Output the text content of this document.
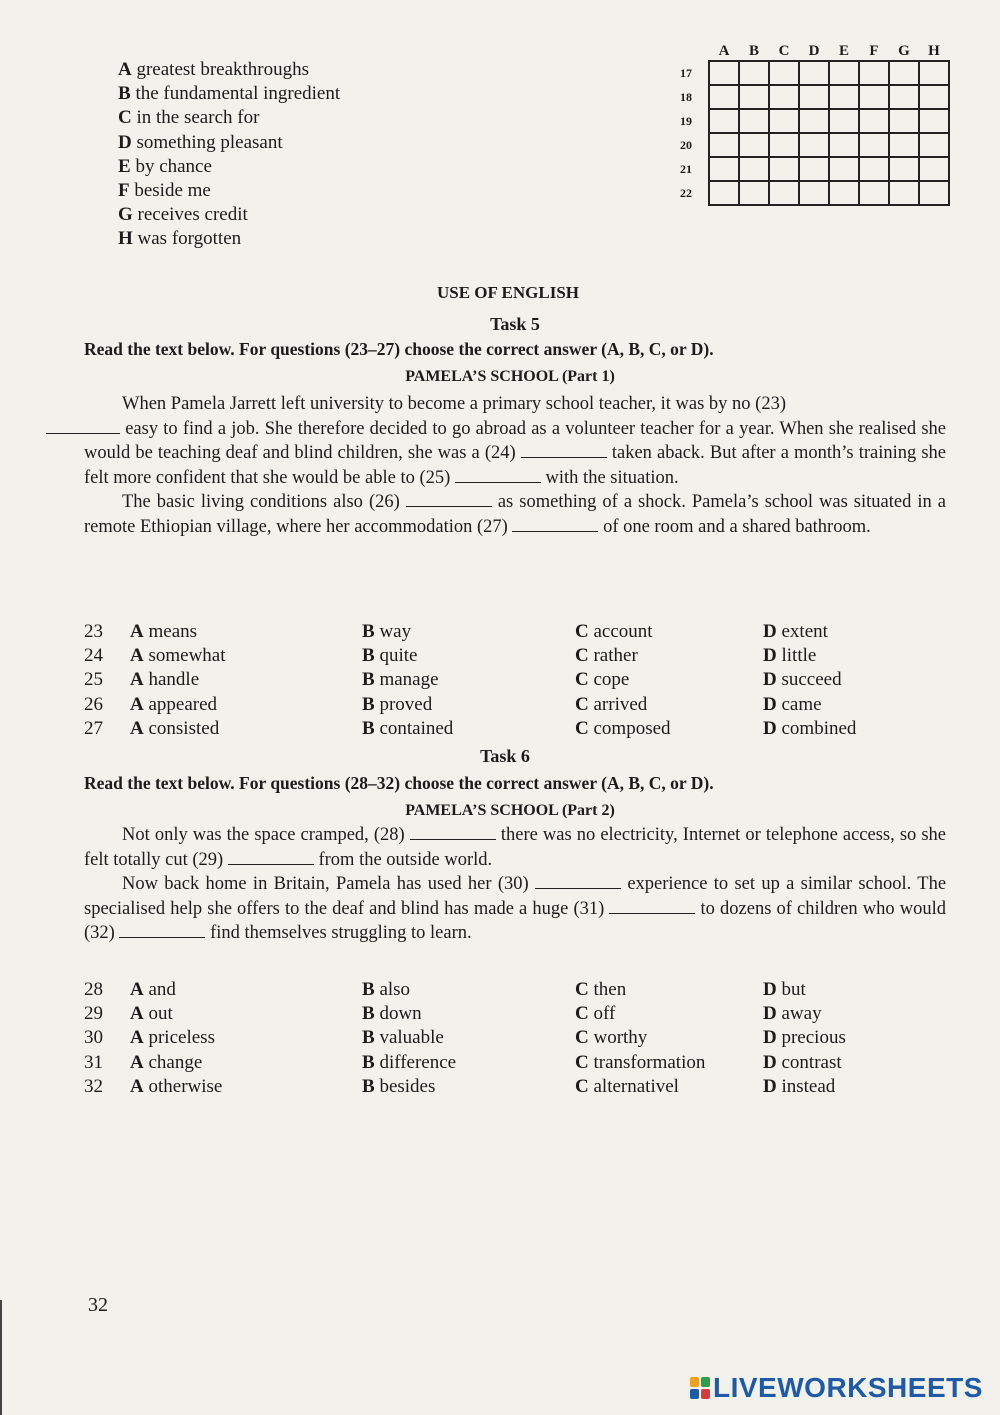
A greatest breakthroughs
B the fundamental ingredient
C in the search for
D something pleasant
E by chance
F beside me
G receives credit
H was forgotten
	A	B	C	D	E	F	G	H
17								
18								
19								
20								
21								
22								
USE OF ENGLISH
Task 5
Read the text below. For questions (23–27) choose the correct answer (A, B, C, or D).
PAMELA’S SCHOOL (Part 1)

When Pamela Jarrett left university to become a primary school teacher, it was by no (23)
easy to find a job. She therefore decided to go abroad as a volunteer teacher for a year. When she realised she would be teaching deaf and blind children, she was a (24)	taken aback. But after a month’s training she felt more confident that she would be able to (25)	with the situation.

The basic living conditions also (26)	as something of a shock. Pamela’s school was situated in a remote Ethiopian village, where her accommodation (27)	of one room and a shared bathroom.

23	A means	B way	C account	D extent
24	A somewhat	B quite	C rather	D little
25	A handle	B manage	C cope	D succeed
26	A appeared	B proved	C arrived	D came
27	A consisted	B contained	C composed	D combined
Task 6
Read the text below. For questions (28–32) choose the correct answer (A, B, C, or D).
PAMELA’S SCHOOL (Part 2)

Not only was the space cramped, (28)	there was no electricity, Internet or telephone access, so she felt totally cut (29)	from the outside world.

Now back home in Britain, Pamela has used her (30)	experience to set up a similar school. The specialised help she offers to the deaf and blind has made a huge (31)	to dozens of children who would (32)	find themselves struggling to learn.

28	A and	B also	C then	D but
29	A out	B down	C off	D away
30	A priceless	B valuable	C worthy	D precious
31	A change	B difference	C transformation	D contrast
32	A otherwise	B besides	C alternativel	D instead
32
LIVEWORKSHEETS
